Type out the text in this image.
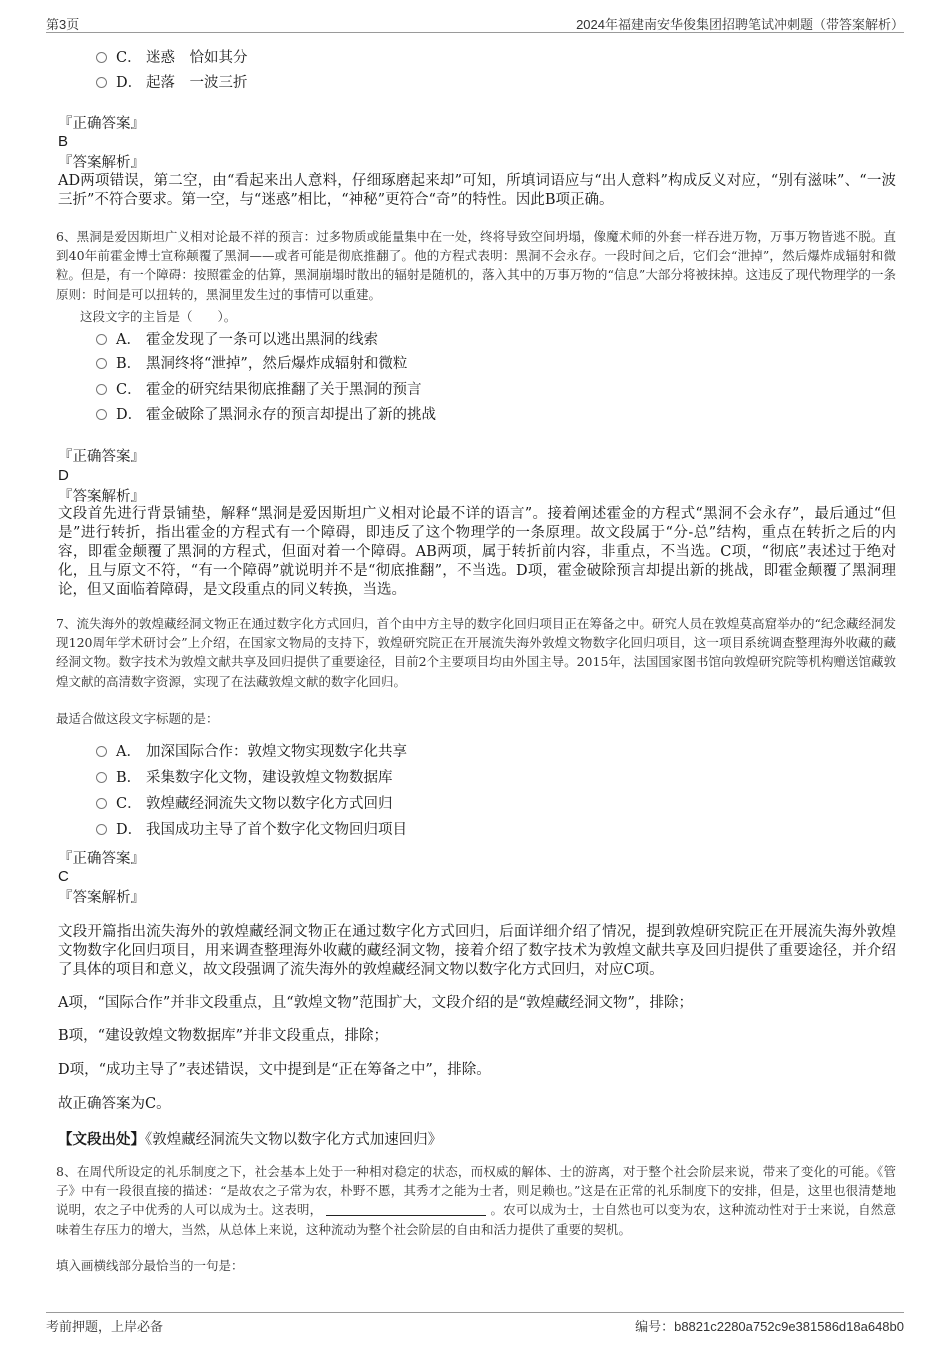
第3页	2024年福建南安华俊集团招聘笔试冲刺题（带答案解析）
C． 迷惑　恰如其分
D． 起落　一波三折
『正确答案』
B
『答案解析』
AD两项错误，第二空，由“看起来出人意料，仔细琢磨起来却”可知，所填词语应与“出人意料”构成反义对应，“别有滋味”、“一波三折”不符合要求。第一空，与“迷惑”相比，“神秘”更符合“奇”的特性。因此B项正确。
6、黑洞是爱因斯坦广义相对论最不祥的预言：过多物质或能量集中在一处，终将导致空间坍塌，像魔术师的外套一样吞进万物，万事万物皆逃不脱。直到40年前霍金博士宣称颠覆了黑洞——或者可能是彻底推翻了。他的方程式表明：黑洞不会永存。一段时间之后，它们会“泄掉”，然后爆炸成辐射和微粒。但是，有一个障碍：按照霍金的估算，黑洞崩塌时散出的辐射是随机的，落入其中的万事万物的“信息”大部分将被抹掉。这违反了现代物理学的一条原则：时间是可以扭转的，黑洞里发生过的事情可以重建。
这段文字的主旨是（　　）。
A． 霍金发现了一条可以逃出黑洞的线索
B． 黑洞终将“泄掉”，然后爆炸成辐射和微粒
C． 霍金的研究结果彻底推翻了关于黑洞的预言
D． 霍金破除了黑洞永存的预言却提出了新的挑战
『正确答案』
D
『答案解析』
文段首先进行背景铺垫，解释“黑洞是爱因斯坦广义相对论最不详的语言”。接着阐述霍金的方程式“黑洞不会永存”，最后通过“但是”进行转折，指出霍金的方程式有一个障碍，即违反了这个物理学的一条原理。故文段属于“分-总”结构，重点在转折之后的内容，即霍金颠覆了黑洞的方程式，但面对着一个障碍。AB两项，属于转折前内容，非重点，不当选。C项，“彻底”表述过于绝对化，且与原文不符，“有一个障碍”就说明并不是“彻底推翻”，不当选。D项，霍金破除预言却提出新的挑战，即霍金颠覆了黑洞理论，但又面临着障碍，是文段重点的同义转换，当选。
7、流失海外的敦煌藏经洞文物正在通过数字化方式回归，首个由中方主导的数字化回归项目正在筹备之中。研究人员在敦煌莫高窟举办的“纪念藏经洞发现120周年学术研讨会”上介绍，在国家文物局的支持下，敦煌研究院正在开展流失海外敦煌文物数字化回归项目，这一项目系统调查整理海外收藏的藏经洞文物。数字技术为敦煌文献共享及回归提供了重要途径，目前2个主要项目均由外国主导。2015年，法国国家图书馆向敦煌研究院等机构赠送馆藏敦煌文献的高清数字资源，实现了在法藏敦煌文献的数字化回归。
最适合做这段文字标题的是：
A． 加深国际合作：敦煌文物实现数字化共享
B． 采集数字化文物，建设敦煌文物数据库
C． 敦煌藏经洞流失文物以数字化方式回归
D． 我国成功主导了首个数字化文物回归项目
『正确答案』
C
『答案解析』
文段开篇指出流失海外的敦煌藏经洞文物正在通过数字化方式回归，后面详细介绍了情况，提到敦煌研究院正在开展流失海外敦煌文物数字化回归项目，用来调查整理海外收藏的藏经洞文物，接着介绍了数字技术为敦煌文献共享及回归提供了重要途径，并介绍了具体的项目和意义，故文段强调了流失海外的敦煌藏经洞文物以数字化方式回归，对应C项。
A项，“国际合作”并非文段重点，且“敦煌文物”范围扩大，文段介绍的是“敦煌藏经洞文物”，排除；
B项，“建设敦煌文物数据库”并非文段重点，排除；
D项，“成功主导了”表述错误，文中提到是“正在筹备之中”，排除。
故正确答案为C。
【文段出处】《敦煌藏经洞流失文物以数字化方式加速回归》
8、在周代所设定的礼乐制度之下，社会基本上处于一种相对稳定的状态，而权威的解体、士的游离，对于整个社会阶层来说，带来了变化的可能。《管子》中有一段很直接的描述：“是故农之子常为农，朴野不慝，其秀才之能为士者，则足赖也。”这是在正常的礼乐制度下的安排，但是，这里也很清楚地说明，农之子中优秀的人可以成为士。这表明，	。农可以成为士，士自然也可以变为农，这种流动性对于士来说，自然意味着生存压力的增大，当然，从总体上来说，这种流动为整个社会阶层的自由和活力提供了重要的契机。
填入画横线部分最恰当的一句是：
考前押题，上岸必备	编号：b8821c2280a752c9e381586d18a648b0
